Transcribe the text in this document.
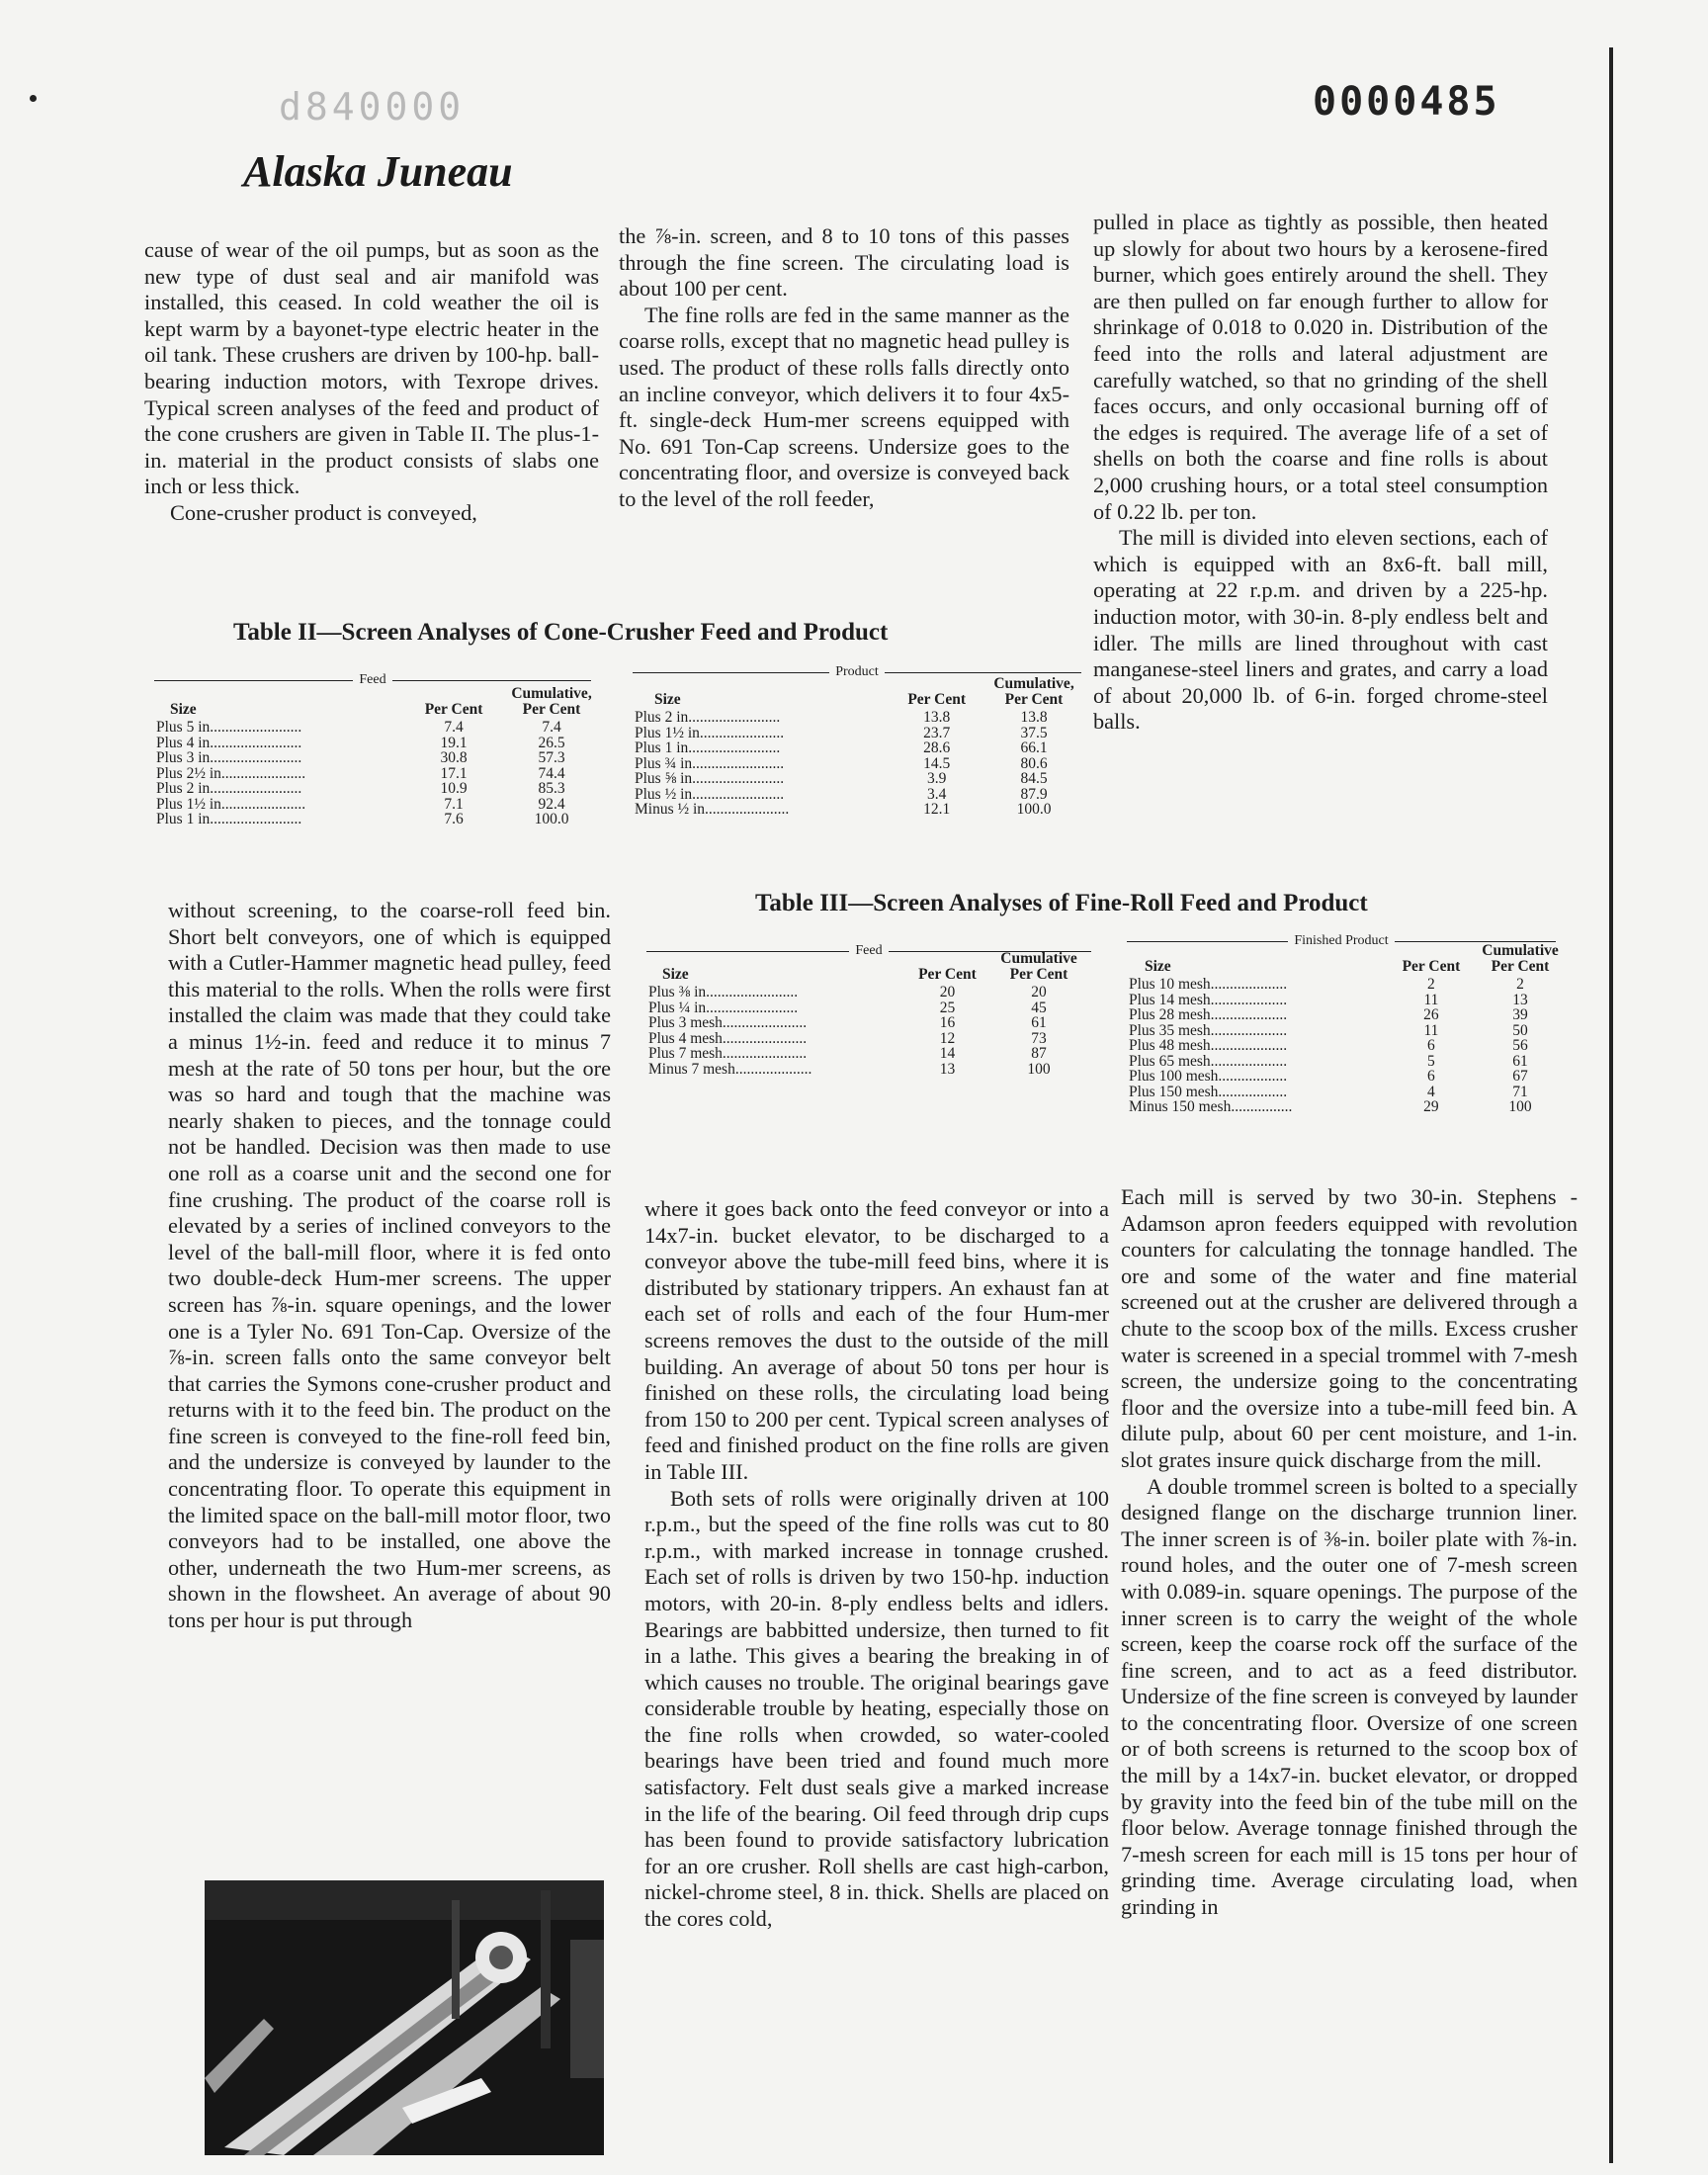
d840000	0000485
Alaska Juneau

cause of wear of the oil pumps, but as soon as the new type of dust seal and air manifold was installed, this ceased. In cold weather the oil is kept warm by a bayonet-type electric heater in the oil tank. These crushers are driven by 100-hp. ball-bearing induction motors, with Texrope drives. Typical screen analyses of the feed and product of the cone crushers are given in Table II. The plus-1-in. material in the product consists of slabs one inch or less thick.

Cone-crusher product is conveyed,

the ⅞-in. screen, and 8 to 10 tons of this passes through the fine screen. The circulating load is about 100 per cent.

The fine rolls are fed in the same manner as the coarse rolls, except that no magnetic head pulley is used. The product of these rolls falls directly onto an incline conveyor, which delivers it to four 4x5-ft. single-deck Hum-mer screens equipped with No. 691 Ton-Cap screens. Undersize goes to the concentrating floor, and oversize is conveyed back to the level of the roll feeder,

pulled in place as tightly as possible, then heated up slowly for about two hours by a kerosene-fired burner, which goes entirely around the shell. They are then pulled on far enough further to allow for shrinkage of 0.018 to 0.020 in. Distribution of the feed into the rolls and lateral adjustment are carefully watched, so that no grinding of the shell faces occurs, and only occasional burning off of the edges is required. The average life of a set of shells on both the coarse and fine rolls is about 2,000 crushing hours, or a total steel consumption of 0.22 lb. per ton.

The mill is divided into eleven sections, each of which is equipped with an 8x6-ft. ball mill, operating at 22 r.p.m. and driven by a 225-hp. induction motor, with 30-in. 8-ply endless belt and idler. The mills are lined throughout with cast manganese-steel liners and grates, and carry a load of about 20,000 lb. of 6-in. forged chrome-steel balls.

Table II—Screen Analyses of Cone-Crusher Feed and Product
Feed
Size	Per Cent	Cumulative, Per Cent
Plus 5 in........................	7.4	7.4
Plus 4 in........................	19.1	26.5
Plus 3 in........................	30.8	57.3
Plus 2½ in......................	17.1	74.4
Plus 2 in........................	10.9	85.3
Plus 1½ in......................	7.1	92.4
Plus 1 in........................	7.6	100.0
Product
Size	Per Cent	Cumulative, Per Cent
Plus 2 in........................	13.8	13.8
Plus 1½ in......................	23.7	37.5
Plus 1 in........................	28.6	66.1
Plus ¾ in........................	14.5	80.6
Plus ⅝ in........................	3.9	84.5
Plus ½ in........................	3.4	87.9
Minus ½ in......................	12.1	100.0
Table III—Screen Analyses of Fine-Roll Feed and Product
Feed
Size	Per Cent	Cumulative Per Cent
Plus ⅜ in........................	20	20
Plus ¼ in........................	25	45
Plus 3 mesh......................	16	61
Plus 4 mesh......................	12	73
Plus 7 mesh......................	14	87
Minus 7 mesh....................	13	100
Finished Product
Size	Per Cent	Cumulative Per Cent
Plus 10 mesh....................	2	2
Plus 14 mesh....................	11	13
Plus 28 mesh....................	26	39
Plus 35 mesh....................	11	50
Plus 48 mesh....................	6	56
Plus 65 mesh....................	5	61
Plus 100 mesh..................	6	67
Plus 150 mesh..................	4	71
Minus 150 mesh................	29	100

without screening, to the coarse-roll feed bin. Short belt conveyors, one of which is equipped with a Cutler-Hammer magnetic head pulley, feed this material to the rolls. When the rolls were first installed the claim was made that they could take a minus 1½-in. feed and reduce it to minus 7 mesh at the rate of 50 tons per hour, but the ore was so hard and tough that the machine was nearly shaken to pieces, and the tonnage could not be handled. Decision was then made to use one roll as a coarse unit and the second one for fine crushing. The product of the coarse roll is elevated by a series of inclined conveyors to the level of the ball-mill floor, where it is fed onto two double-deck Hum-mer screens. The upper screen has ⅞-in. square openings, and the lower one is a Tyler No. 691 Ton-Cap. Oversize of the ⅞-in. screen falls onto the same conveyor belt that carries the Symons cone-crusher product and returns with it to the feed bin. The product on the fine screen is conveyed to the fine-roll feed bin, and the undersize is conveyed by launder to the concentrating floor. To operate this equipment in the limited space on the ball-mill motor floor, two conveyors had to be installed, one above the other, underneath the two Hum-mer screens, as shown in the flowsheet. An average of about 90 tons per hour is put through

where it goes back onto the feed conveyor or into a 14x7-in. bucket elevator, to be discharged to a conveyor above the tube-mill feed bins, where it is distributed by stationary trippers. An exhaust fan at each set of rolls and each of the four Hum-mer screens removes the dust to the outside of the mill building. An average of about 50 tons per hour is finished on these rolls, the circulating load being from 150 to 200 per cent. Typical screen analyses of feed and finished product on the fine rolls are given in Table III.

Both sets of rolls were originally driven at 100 r.p.m., but the speed of the fine rolls was cut to 80 r.p.m., with marked increase in tonnage crushed. Each set of rolls is driven by two 150-hp. induction motors, with 20-in. 8-ply endless belts and idlers. Bearings are babbitted undersize, then turned to fit in a lathe. This gives a bearing the breaking in of which causes no trouble. The original bearings gave considerable trouble by heating, especially those on the fine rolls when crowded, so water-cooled bearings have been tried and found much more satisfactory. Felt dust seals give a marked increase in the life of the bearing. Oil feed through drip cups has been found to provide satisfactory lubrication for an ore crusher. Roll shells are cast high-carbon, nickel-chrome steel, 8 in. thick. Shells are placed on the cores cold,

Each mill is served by two 30-in. Stephens - Adamson apron feeders equipped with revolution counters for calculating the tonnage handled. The ore and some of the water and fine material screened out at the crusher are delivered through a chute to the scoop box of the mills. Excess crusher water is screened in a special trommel with 7-mesh screen, the undersize going to the concentrating floor and the oversize into a tube-mill feed bin. A dilute pulp, about 60 per cent moisture, and 1-in. slot grates insure quick discharge from the mill.

A double trommel screen is bolted to a specially designed flange on the discharge trunnion liner. The inner screen is of ⅜-in. boiler plate with ⅞-in. round holes, and the outer one of 7-mesh screen with 0.089-in. square openings. The purpose of the inner screen is to carry the weight of the whole screen, keep the coarse rock off the surface of the fine screen, and to act as a feed distributor. Undersize of the fine screen is conveyed by launder to the concentrating floor. Oversize of one screen or of both screens is returned to the scoop box of the mill by a 14x7-in. bucket elevator, or dropped by gravity into the feed bin of the tube mill on the floor below. Average tonnage finished through the 7-mesh screen for each mill is 15 tons per hour of grinding time. Average circulating load, when grinding in
